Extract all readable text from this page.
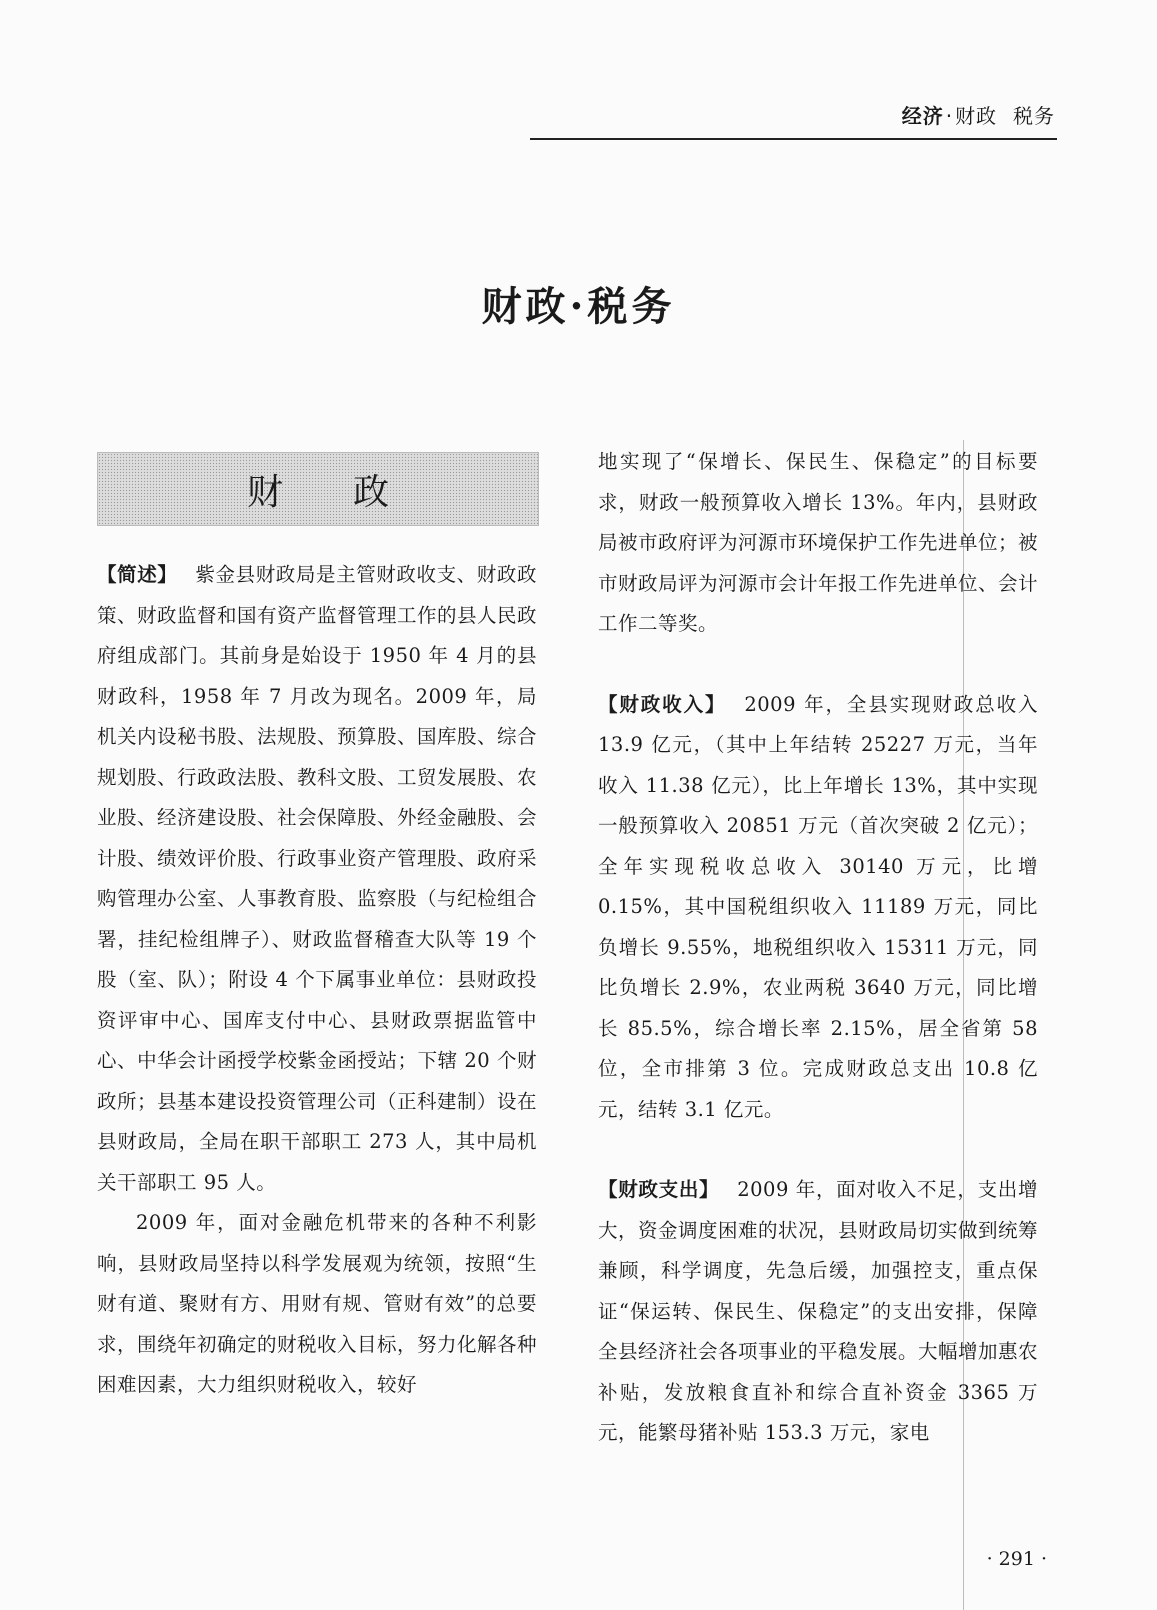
经济 · 财政 税务
财政·税务
财政

【简述】 紫金县财政局是主管财政收支、财政政策、财政监督和国有资产监督管理工作的县人民政府组成部门。其前身是始设于 1950 年 4 月的县财政科，1958 年 7 月改为现名。2009 年，局机关内设秘书股、法规股、预算股、国库股、综合规划股、行政政法股、教科文股、工贸发展股、农业股、经济建设股、社会保障股、外经金融股、会计股、绩效评价股、行政事业资产管理股、政府采购管理办公室、人事教育股、监察股（与纪检组合署，挂纪检组牌子）、财政监督稽查大队等 19 个股（室、队）；附设 4 个下属事业单位：县财政投资评审中心、国库支付中心、县财政票据监管中心、中华会计函授学校紫金函授站；下辖 20 个财政所；县基本建设投资管理公司（正科建制）设在县财政局，全局在职干部职工 273 人，其中局机关干部职工 95 人。

2009 年，面对金融危机带来的各种不利影响，县财政局坚持以科学发展观为统领，按照“生财有道、聚财有方、用财有规、管财有效”的总要求，围绕年初确定的财税收入目标，努力化解各种困难因素，大力组织财税收入，较好

地实现了“保增长、保民生、保稳定”的目标要求，财政一般预算收入增长 13%。年内，县财政局被市政府评为河源市环境保护工作先进单位；被市财政局评为河源市会计年报工作先进单位、会计工作二等奖。

【财政收入】 2009 年，全县实现财政总收入 13.9 亿元，（其中上年结转 25227 万元，当年收入 11.38 亿元），比上年增长 13%，其中实现一般预算收入 20851 万元（首次突破 2 亿元）；全年实现税收总收入 30140 万元，比增 0.15%，其中国税组织收入 11189 万元，同比负增长 9.55%，地税组织收入 15311 万元，同比负增长 2.9%，农业两税 3640 万元，同比增长 85.5%，综合增长率 2.15%，居全省第 58 位，全市排第 3 位。完成财政总支出 10.8 亿元，结转 3.1 亿元。

【财政支出】 2009 年，面对收入不足，支出增大，资金调度困难的状况，县财政局切实做到统筹兼顾，科学调度，先急后缓，加强控支，重点保证“保运转、保民生、保稳定”的支出安排，保障全县经济社会各项事业的平稳发展。大幅增加惠农补贴，发放粮食直补和综合直补资金 3365 万元，能繁母猪补贴 153.3 万元，家电

· 291 ·
